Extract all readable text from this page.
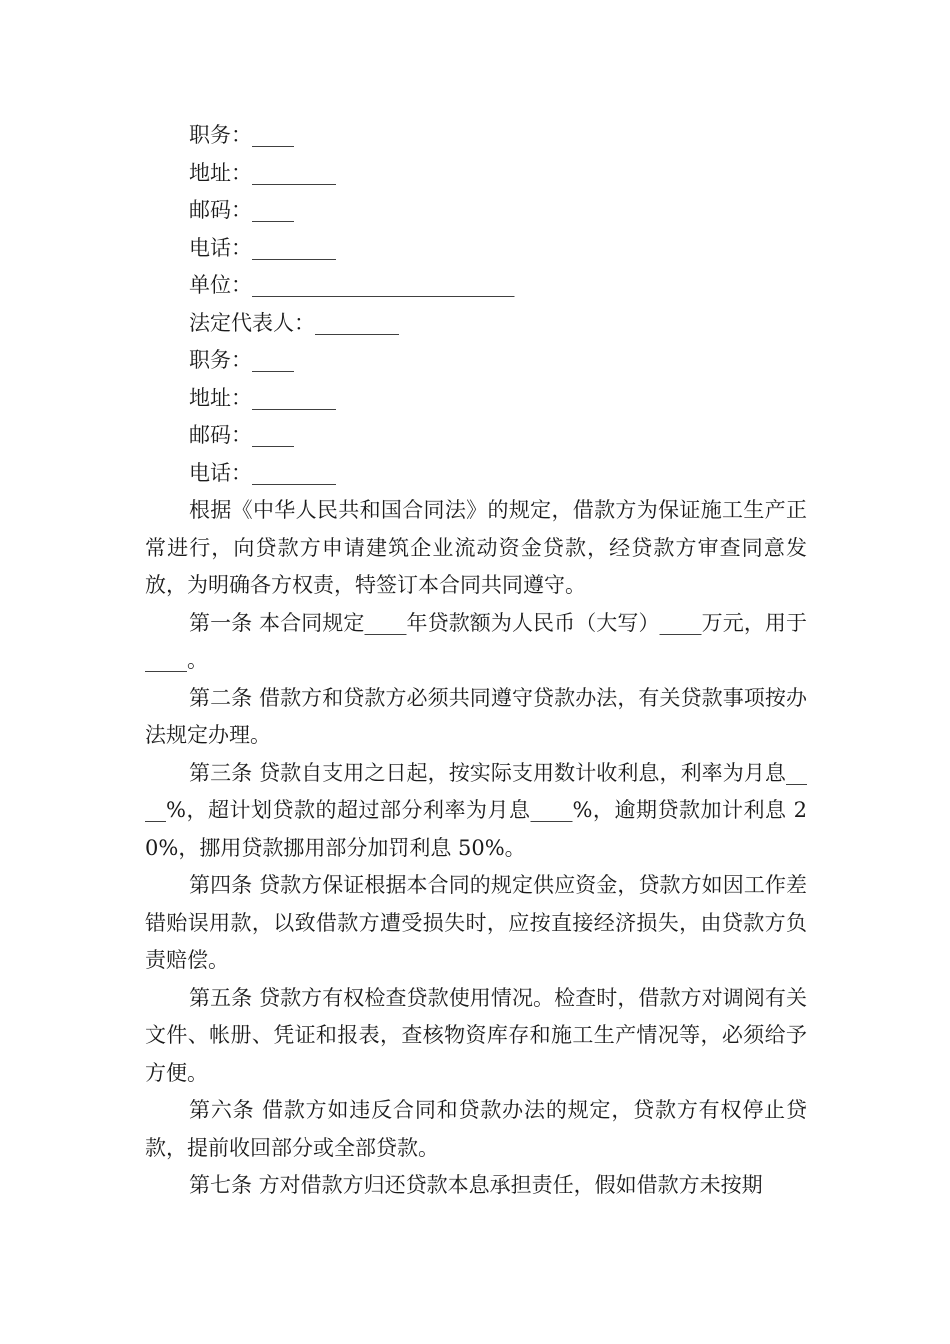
职务：____

地址：________

邮码：____

电话：________

单位：_________________________

法定代表人：________

职务：____

地址：________

邮码：____

电话：________

根据《中华人民共和国合同法》的规定，借款方为保证施工生产正常进行，向贷款方申请建筑企业流动资金贷款，经贷款方审查同意发放，为明确各方权责，特签订本合同共同遵守。

第一条 本合同规定____年贷款额为人民币（大写）____万元，用于____。

第二条 借款方和贷款方必须共同遵守贷款办法，有关贷款事项按办法规定办理。

第三条 贷款自支用之日起，按实际支用数计收利息，利率为月息____%，超计划贷款的超过部分利率为月息____%，逾期贷款加计利息 20%，挪用贷款挪用部分加罚利息 50%。

第四条 贷款方保证根据本合同的规定供应资金，贷款方如因工作差错贻误用款，以致借款方遭受损失时，应按直接经济损失，由贷款方负责赔偿。

第五条 贷款方有权检查贷款使用情况。检查时，借款方对调阅有关文件、帐册、凭证和报表，查核物资库存和施工生产情况等，必须给予方便。

第六条 借款方如违反合同和贷款办法的规定，贷款方有权停止贷款，提前收回部分或全部贷款。

第七条 方对借款方归还贷款本息承担责任，假如借款方未按期
